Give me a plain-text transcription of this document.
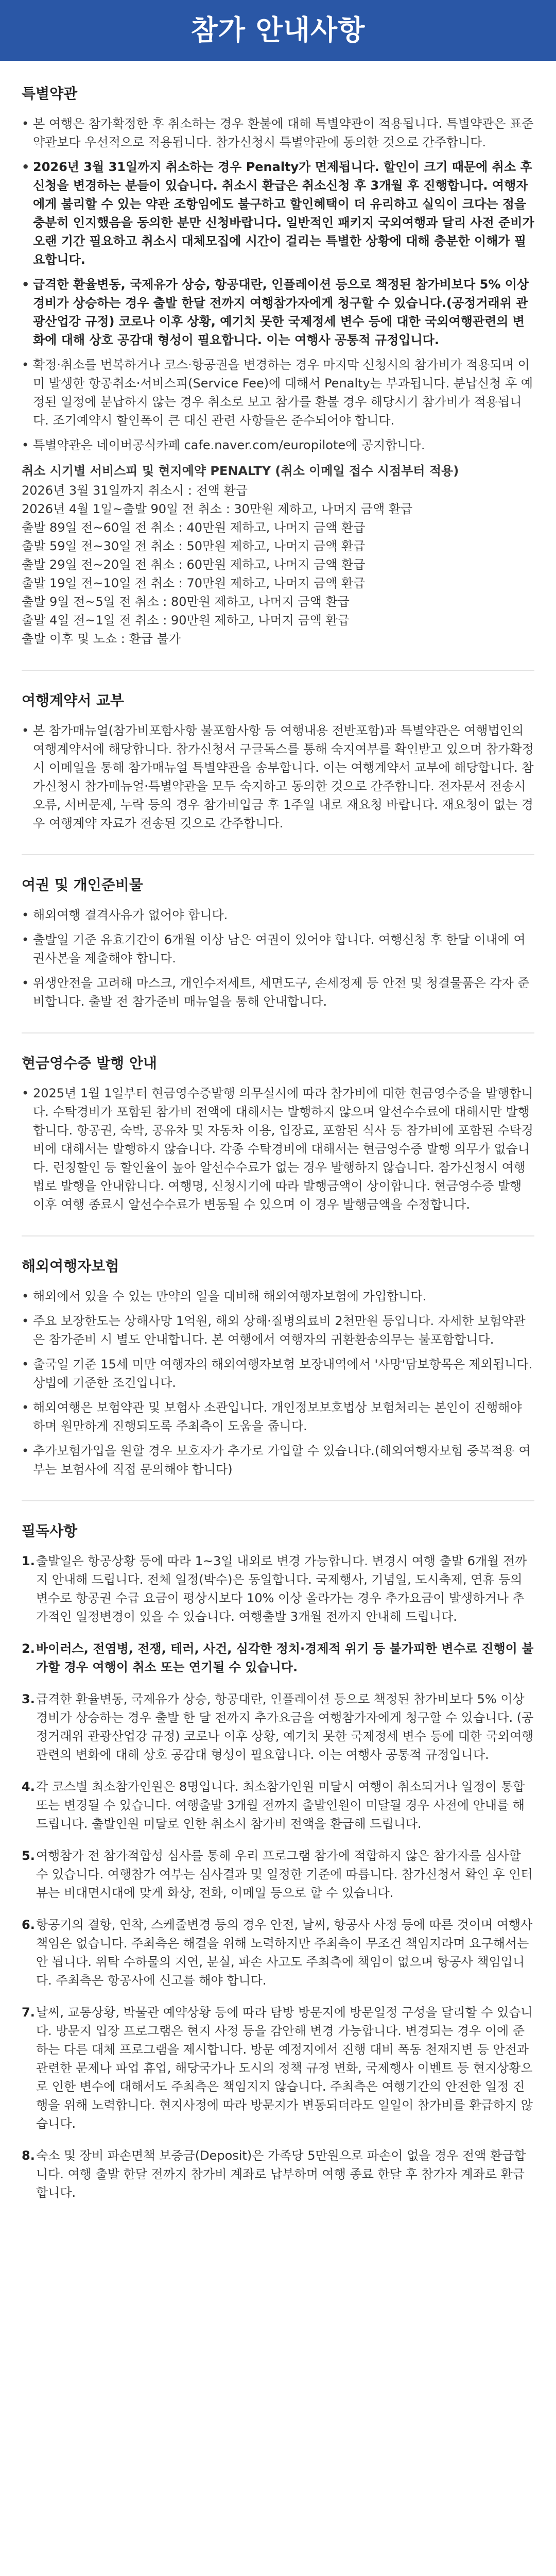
참가 안내사항
특별약관
• 본 여행은 참가확정한 후 취소하는 경우 환불에 대해 특별약관이 적용됩니다. 특별약관은 표준약관보다 우선적으로 적용됩니다. 참가신청시 특별약관에 동의한 것으로 간주합니다.
• 2026년 3월 31일까지 취소하는 경우 Penalty가 면제됩니다. 할인이 크기 때문에 취소 후 신청을 변경하는 분들이 있습니다. 취소시 환급은 취소신청 후 3개월 후 진행합니다. 여행자에게 불리할 수 있는 약관 조항임에도 불구하고 할인혜택이 더 유리하고 실익이 크다는 점을 충분히 인지했음을 동의한 분만 신청바랍니다. 일반적인 패키지 국외여행과 달리 사전 준비가 오랜 기간 필요하고 취소시 대체모집에 시간이 걸리는 특별한 상황에 대해 충분한 이해가 필요합니다.
• 급격한 환율변동, 국제유가 상승, 항공대란, 인플레이션 등으로 책정된 참가비보다 5% 이상 경비가 상승하는 경우 출발 한달 전까지 여행참가자에게 청구할 수 있습니다.(공정거래위 관광산업강 규정) 코로나 이후 상황, 예기치 못한 국제정세 변수 등에 대한 국외여행관련의 변화에 대해 상호 공감대 형성이 필요합니다. 이는 여행사 공통적 규정입니다.
• 확정·취소를 번복하거나 코스·항공권을 변경하는 경우 마지막 신청시의 참가비가 적용되며 이미 발생한 항공취소·서비스피(Service Fee)에 대해서 Penalty는 부과됩니다. 분납신청 후 예정된 일정에 분납하지 않는 경우 취소로 보고 참가를 환불 경우 해당시기 참가비가 적용됩니다. 조기예약시 할인폭이 큰 대신 관련 사항들은 준수되어야 합니다.
• 특별약관은 네이버공식카페 cafe.naver.com/europilote에 공지합니다.
취소 시기별 서비스피 및 현지예약 PENALTY (취소 이메일 접수 시점부터 적용)
2026년 3월 31일까지 취소시 : 전액 환급
2026년 4월 1일~출발 90일 전 취소 : 30만원 제하고, 나머지 금액 환급
출발 89일 전~60일 전 취소 : 40만원 제하고, 나머지 금액 환급
출발 59일 전~30일 전 취소 : 50만원 제하고, 나머지 금액 환급
출발 29일 전~20일 전 취소 : 60만원 제하고, 나머지 금액 환급
출발 19일 전~10일 전 취소 : 70만원 제하고, 나머지 금액 환급
출발 9일 전~5일 전 취소 : 80만원 제하고, 나머지 금액 환급
출발 4일 전~1일 전 취소 : 90만원 제하고, 나머지 금액 환급
출발 이후 및 노쇼 : 환급 불가
여행계약서 교부
• 본 참가매뉴얼(참가비포함사항 불포함사항 등 여행내용 전반포함)과 특별약관은 여행법인의 여행계약서에 해당합니다. 참가신청서 구글독스를 통해 숙지여부를 확인받고 있으며 참가확정시 이메일을 통해 참가매뉴얼 특별약관을 송부합니다. 이는 여행계약서 교부에 해당합니다. 참가신청시 참가매뉴얼·특별약관을 모두 숙지하고 동의한 것으로 간주합니다. 전자문서 전송시 오류, 서버문제, 누락 등의 경우 참가비입금 후 1주일 내로 재요청 바랍니다. 재요청이 없는 경우 여행계약 자료가 전송된 것으로 간주합니다.
여권 및 개인준비물
• 해외여행 결격사유가 없어야 합니다.
• 출발일 기준 유효기간이 6개월 이상 남은 여권이 있어야 합니다. 여행신청 후 한달 이내에 여권사본을 제출해야 합니다.
• 위생안전을 고려해 마스크, 개인수저세트, 세면도구, 손세정제 등 안전 및 청결물품은 각자 준비합니다. 출발 전 참가준비 매뉴얼을 통해 안내합니다.
현금영수증 발행 안내
• 2025년 1월 1일부터 현금영수증발행 의무실시에 따라 참가비에 대한 현금영수증을 발행합니다. 수탁경비가 포함된 참가비 전액에 대해서는 발행하지 않으며 알선수수료에 대해서만 발행합니다. 항공권, 숙박, 공유차 및 자동차 이용, 입장료, 포함된 식사 등 참가비에 포함된 수탁경비에 대해서는 발행하지 않습니다. 각종 수탁경비에 대해서는 현금영수증 발행 의무가 없습니다. 런칭할인 등 할인율이 높아 알선수수료가 없는 경우 발행하지 않습니다. 참가신청시 여행법로 발행을 안내합니다. 여행명, 신청시기에 따라 발행금액이 상이합니다. 현금영수증 발행 이후 여행 종료시 알선수수료가 변동될 수 있으며 이 경우 발행금액을 수정합니다.
해외여행자보험
• 해외에서 있을 수 있는 만약의 일을 대비해 해외여행자보험에 가입합니다.
• 주요 보장한도는 상해사망 1억원, 해외 상해·질병의료비 2천만원 등입니다. 자세한 보험약관은 참가준비 시 별도 안내합니다. 본 여행에서 여행자의 귀환환송의무는 불포함합니다.
• 출국일 기준 15세 미만 여행자의 해외여행자보험 보장내역에서 '사망'담보항목은 제외됩니다. 상법에 기준한 조건입니다.
• 해외여행은 보험약관 및 보험사 소관입니다. 개인정보보호법상 보험처리는 본인이 진행해야 하며 원만하게 진행되도록 주최측이 도움을 줍니다.
• 추가보험가입을 원할 경우 보호자가 추가로 가입할 수 있습니다.(해외여행자보험 중복적용 여부는 보험사에 직접 문의해야 합니다)
필독사항
1. 출발일은 항공상황 등에 따라 1~3일 내외로 변경 가능합니다. 변경시 여행 출발 6개월 전까지 안내해 드립니다. 전체 일정(박수)은 동일합니다. 국제행사, 기념일, 도시축제, 연휴 등의 변수로 항공권 수급 요금이 평상시보다 10% 이상 올라가는 경우 추가요금이 발생하거나 추가적인 일정변경이 있을 수 있습니다. 여행출발 3개월 전까지 안내해 드립니다.
2. 바이러스, 전염병, 전쟁, 테러, 사건, 심각한 정치·경제적 위기 등 불가피한 변수로 진행이 불가할 경우 여행이 취소 또는 연기될 수 있습니다.
3. 급격한 환율변동, 국제유가 상승, 항공대란, 인플레이션 등으로 책정된 참가비보다 5% 이상 경비가 상승하는 경우 출발 한 달 전까지 추가요금을 여행참가자에게 청구할 수 있습니다. (공정거래위 관광산업강 규정) 코로나 이후 상황, 예기치 못한 국제정세 변수 등에 대한 국외여행관련의 변화에 대해 상호 공감대 형성이 필요합니다. 이는 여행사 공통적 규정입니다.
4. 각 코스별 최소참가인원은 8명입니다. 최소참가인원 미달시 여행이 취소되거나 일정이 통합 또는 변경될 수 있습니다. 여행출발 3개월 전까지 출발인원이 미달될 경우 사전에 안내를 해드립니다. 출발인원 미달로 인한 취소시 참가비 전액을 환급해 드립니다.
5. 여행참가 전 참가적합성 심사를 통해 우리 프로그램 참가에 적합하지 않은 참가자를 심사할 수 있습니다. 여행참가 여부는 심사결과 및 일정한 기준에 따릅니다. 참가신청서 확인 후 인터뷰는 비대면시대에 맞게 화상, 전화, 이메일 등으로 할 수 있습니다.
6. 항공기의 결항, 연착, 스케줄변경 등의 경우 안전, 날씨, 항공사 사정 등에 따른 것이며 여행사 책임은 없습니다. 주최측은 해결을 위해 노력하지만 주최측이 무조건 책임지라며 요구해서는 안 됩니다. 위탁 수하물의 지연, 분실, 파손 사고도 주최측에 책임이 없으며 항공사 책임입니다. 주최측은 항공사에 신고를 해야 합니다.
7. 날씨, 교통상황, 박물관 예약상황 등에 따라 탐방 방문지에 방문일정 구성을 달리할 수 있습니다. 방문지 입장 프로그램은 현지 사정 등을 감안해 변경 가능합니다. 변경되는 경우 이에 준하는 다른 대체 프로그램을 제시합니다. 방문 예정지에서 진행 대비 폭동 천재지변 등 안전과 관련한 문제나 파업 휴업, 해당국가나 도시의 정책 규정 변화, 국제행사 이벤트 등 현지상황으로 인한 변수에 대해서도 주최측은 책임지지 않습니다. 주최측은 여행기간의 안전한 일정 진행을 위해 노력합니다. 현지사정에 따라 방문지가 변동되더라도 일일이 참가비를 환급하지 않습니다.
8. 숙소 및 장비 파손면책 보증금(Deposit)은 가족당 5만원으로 파손이 없을 경우 전액 환급합니다. 여행 출발 한달 전까지 참가비 계좌로 납부하며 여행 종료 한달 후 참가자 계좌로 환급합니다.
